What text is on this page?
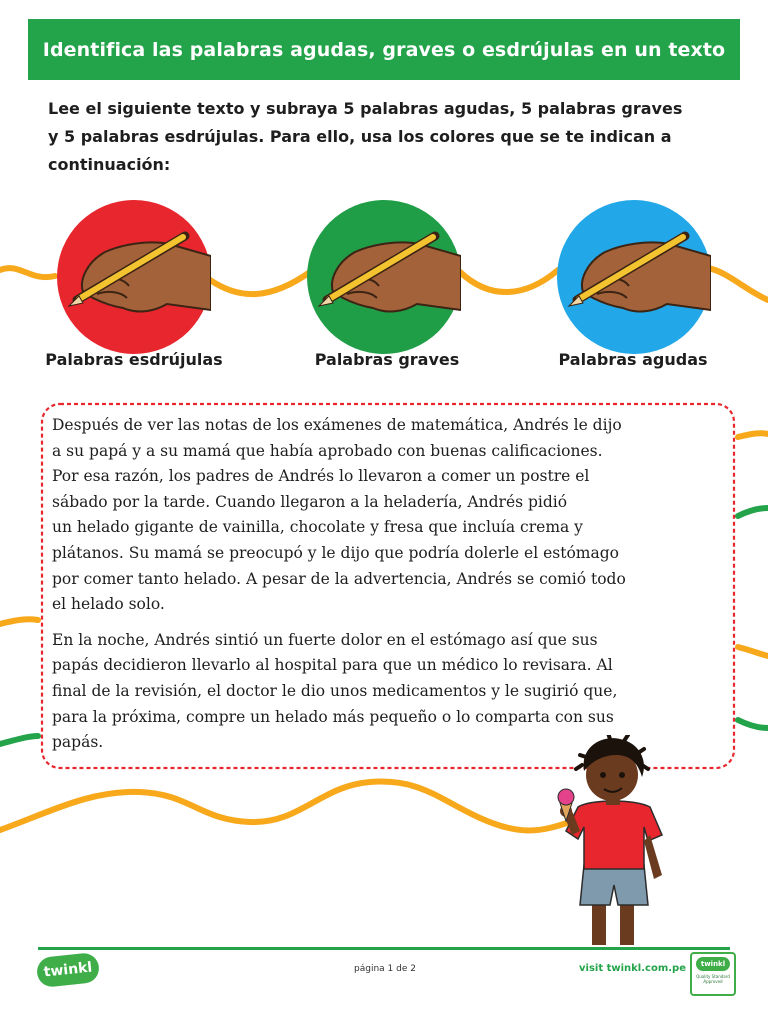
Identifica las palabras agudas, graves o esdrújulas en un texto
Lee el siguiente texto y subraya 5 palabras agudas, 5 palabras graves
y 5 palabras esdrújulas. Para ello, usa los colores que se te indican a
continuación:
Palabras esdrújulas	Palabras graves	Palabras agudas

Después de ver las notas de los exámenes de matemática, Andrés le dijo
a su papá y a su mamá que había aprobado con buenas calificaciones.
Por esa razón, los padres de Andrés lo llevaron a comer un postre el
sábado por la tarde. Cuando llegaron a la heladería, Andrés pidió
un helado gigante de vainilla, chocolate y fresa que incluía crema y
plátanos. Su mamá se preocupó y le dijo que podría dolerle el estómago
por comer tanto helado. A pesar de la advertencia, Andrés se comió todo
el helado solo.

En la noche, Andrés sintió un fuerte dolor en el estómago así que sus
papás decidieron llevarlo al hospital para que un médico lo revisara. Al
final de la revisión, el doctor le dio unos medicamentos y le sugirió que,
para la próxima, compre un helado más pequeño o lo comparta con sus
papás.

twinkl	página 1 de 2	visit twinkl.com.pe	twinkl
Quality Standard Approved
